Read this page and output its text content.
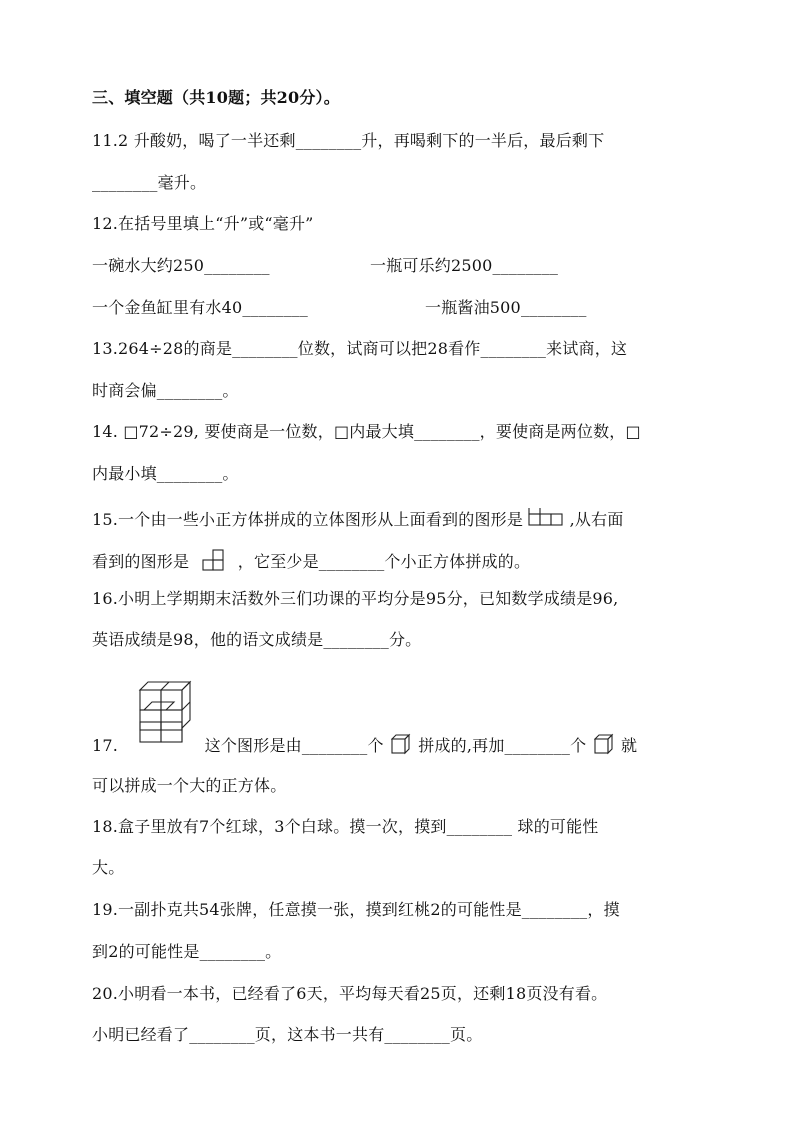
三、填空题（共10题；共20分）。
11.2 升酸奶，喝了一半还剩________升，再喝剩下的一半后，最后剩下
________毫升。
12.在括号里填上“升”或“毫升”
一碗水大约250________	一瓶可乐约2500________
一个金鱼缸里有水40________	一瓶酱油500________
13.264÷28的商是________位数，试商可以把28看作________来试商，这
时商会偏________。
14. □72÷29, 要使商是一位数，□内最大填________，要使商是两位数，□
内最小填________。
15.一个由一些小正方体拼成的立体图形从上面看到的图形是	,从右面
看到的图形是	，它至少是________个小正方体拼成的。
16.小明上学期期末活数外三们功课的平均分是95分，已知数学成绩是96,
英语成绩是98，他的语文成绩是________分。
17.	这个图形是由________个 拼成的,再加________个 就
可以拼成一个大的正方体。
18.盒子里放有7个红球，3个白球。摸一次，摸到________ 球的可能性
大。
19.一副扑克共54张牌，任意摸一张，摸到红桃2的可能性是________，摸
到2的可能性是________。
20.小明看一本书，已经看了6天，平均每天看25页，还剩18页没有看。
小明已经看了________页，这本书一共有________页。
